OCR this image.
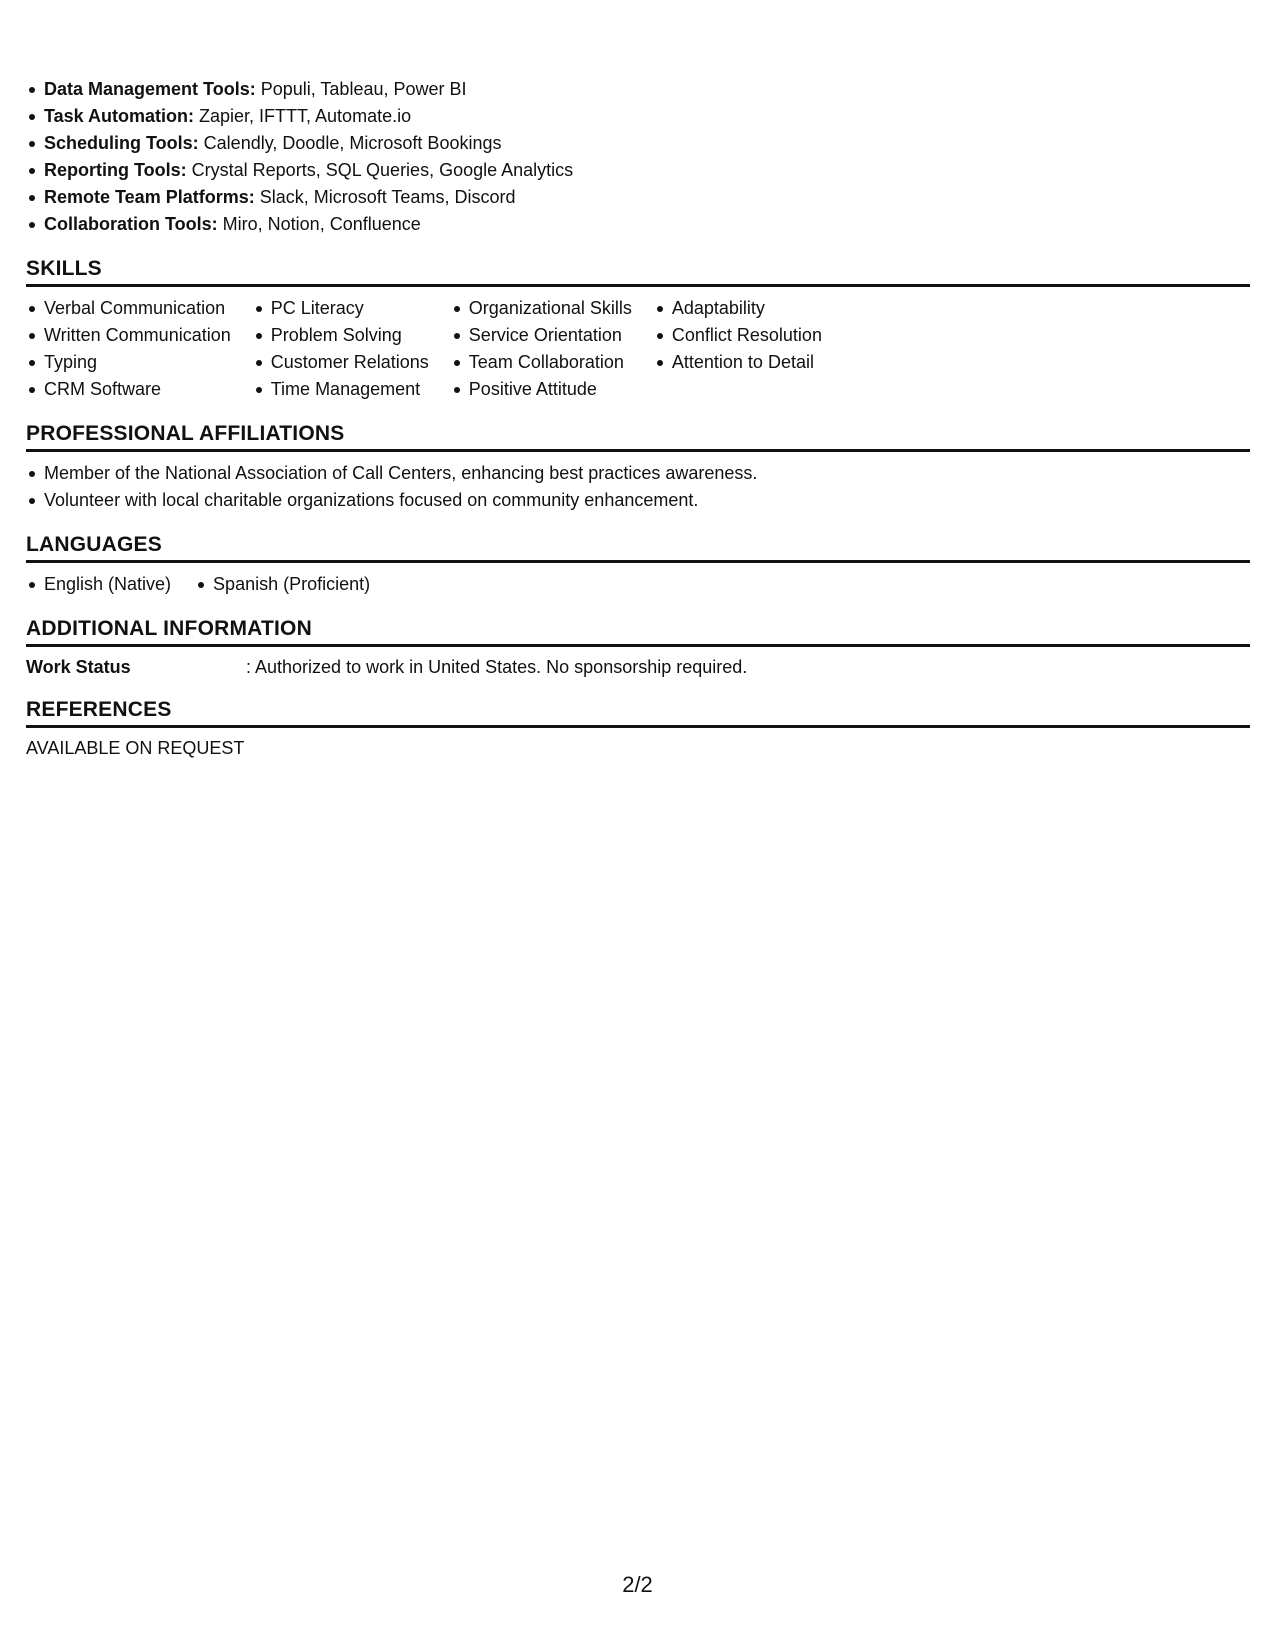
Data Management Tools: Populi, Tableau, Power BI
Task Automation: Zapier, IFTTT, Automate.io
Scheduling Tools: Calendly, Doodle, Microsoft Bookings
Reporting Tools: Crystal Reports, SQL Queries, Google Analytics
Remote Team Platforms: Slack, Microsoft Teams, Discord
Collaboration Tools: Miro, Notion, Confluence
SKILLS
Verbal Communication
Written Communication
Typing
CRM Software
PC Literacy
Problem Solving
Customer Relations
Time Management
Organizational Skills
Service Orientation
Team Collaboration
Positive Attitude
Adaptability
Conflict Resolution
Attention to Detail
PROFESSIONAL AFFILIATIONS
Member of the National Association of Call Centers, enhancing best practices awareness.
Volunteer with local charitable organizations focused on community enhancement.
LANGUAGES
English (Native)	Spanish (Proficient)
ADDITIONAL INFORMATION
Work Status	: Authorized to work in United States. No sponsorship required.
REFERENCES
AVAILABLE ON REQUEST
2/2
